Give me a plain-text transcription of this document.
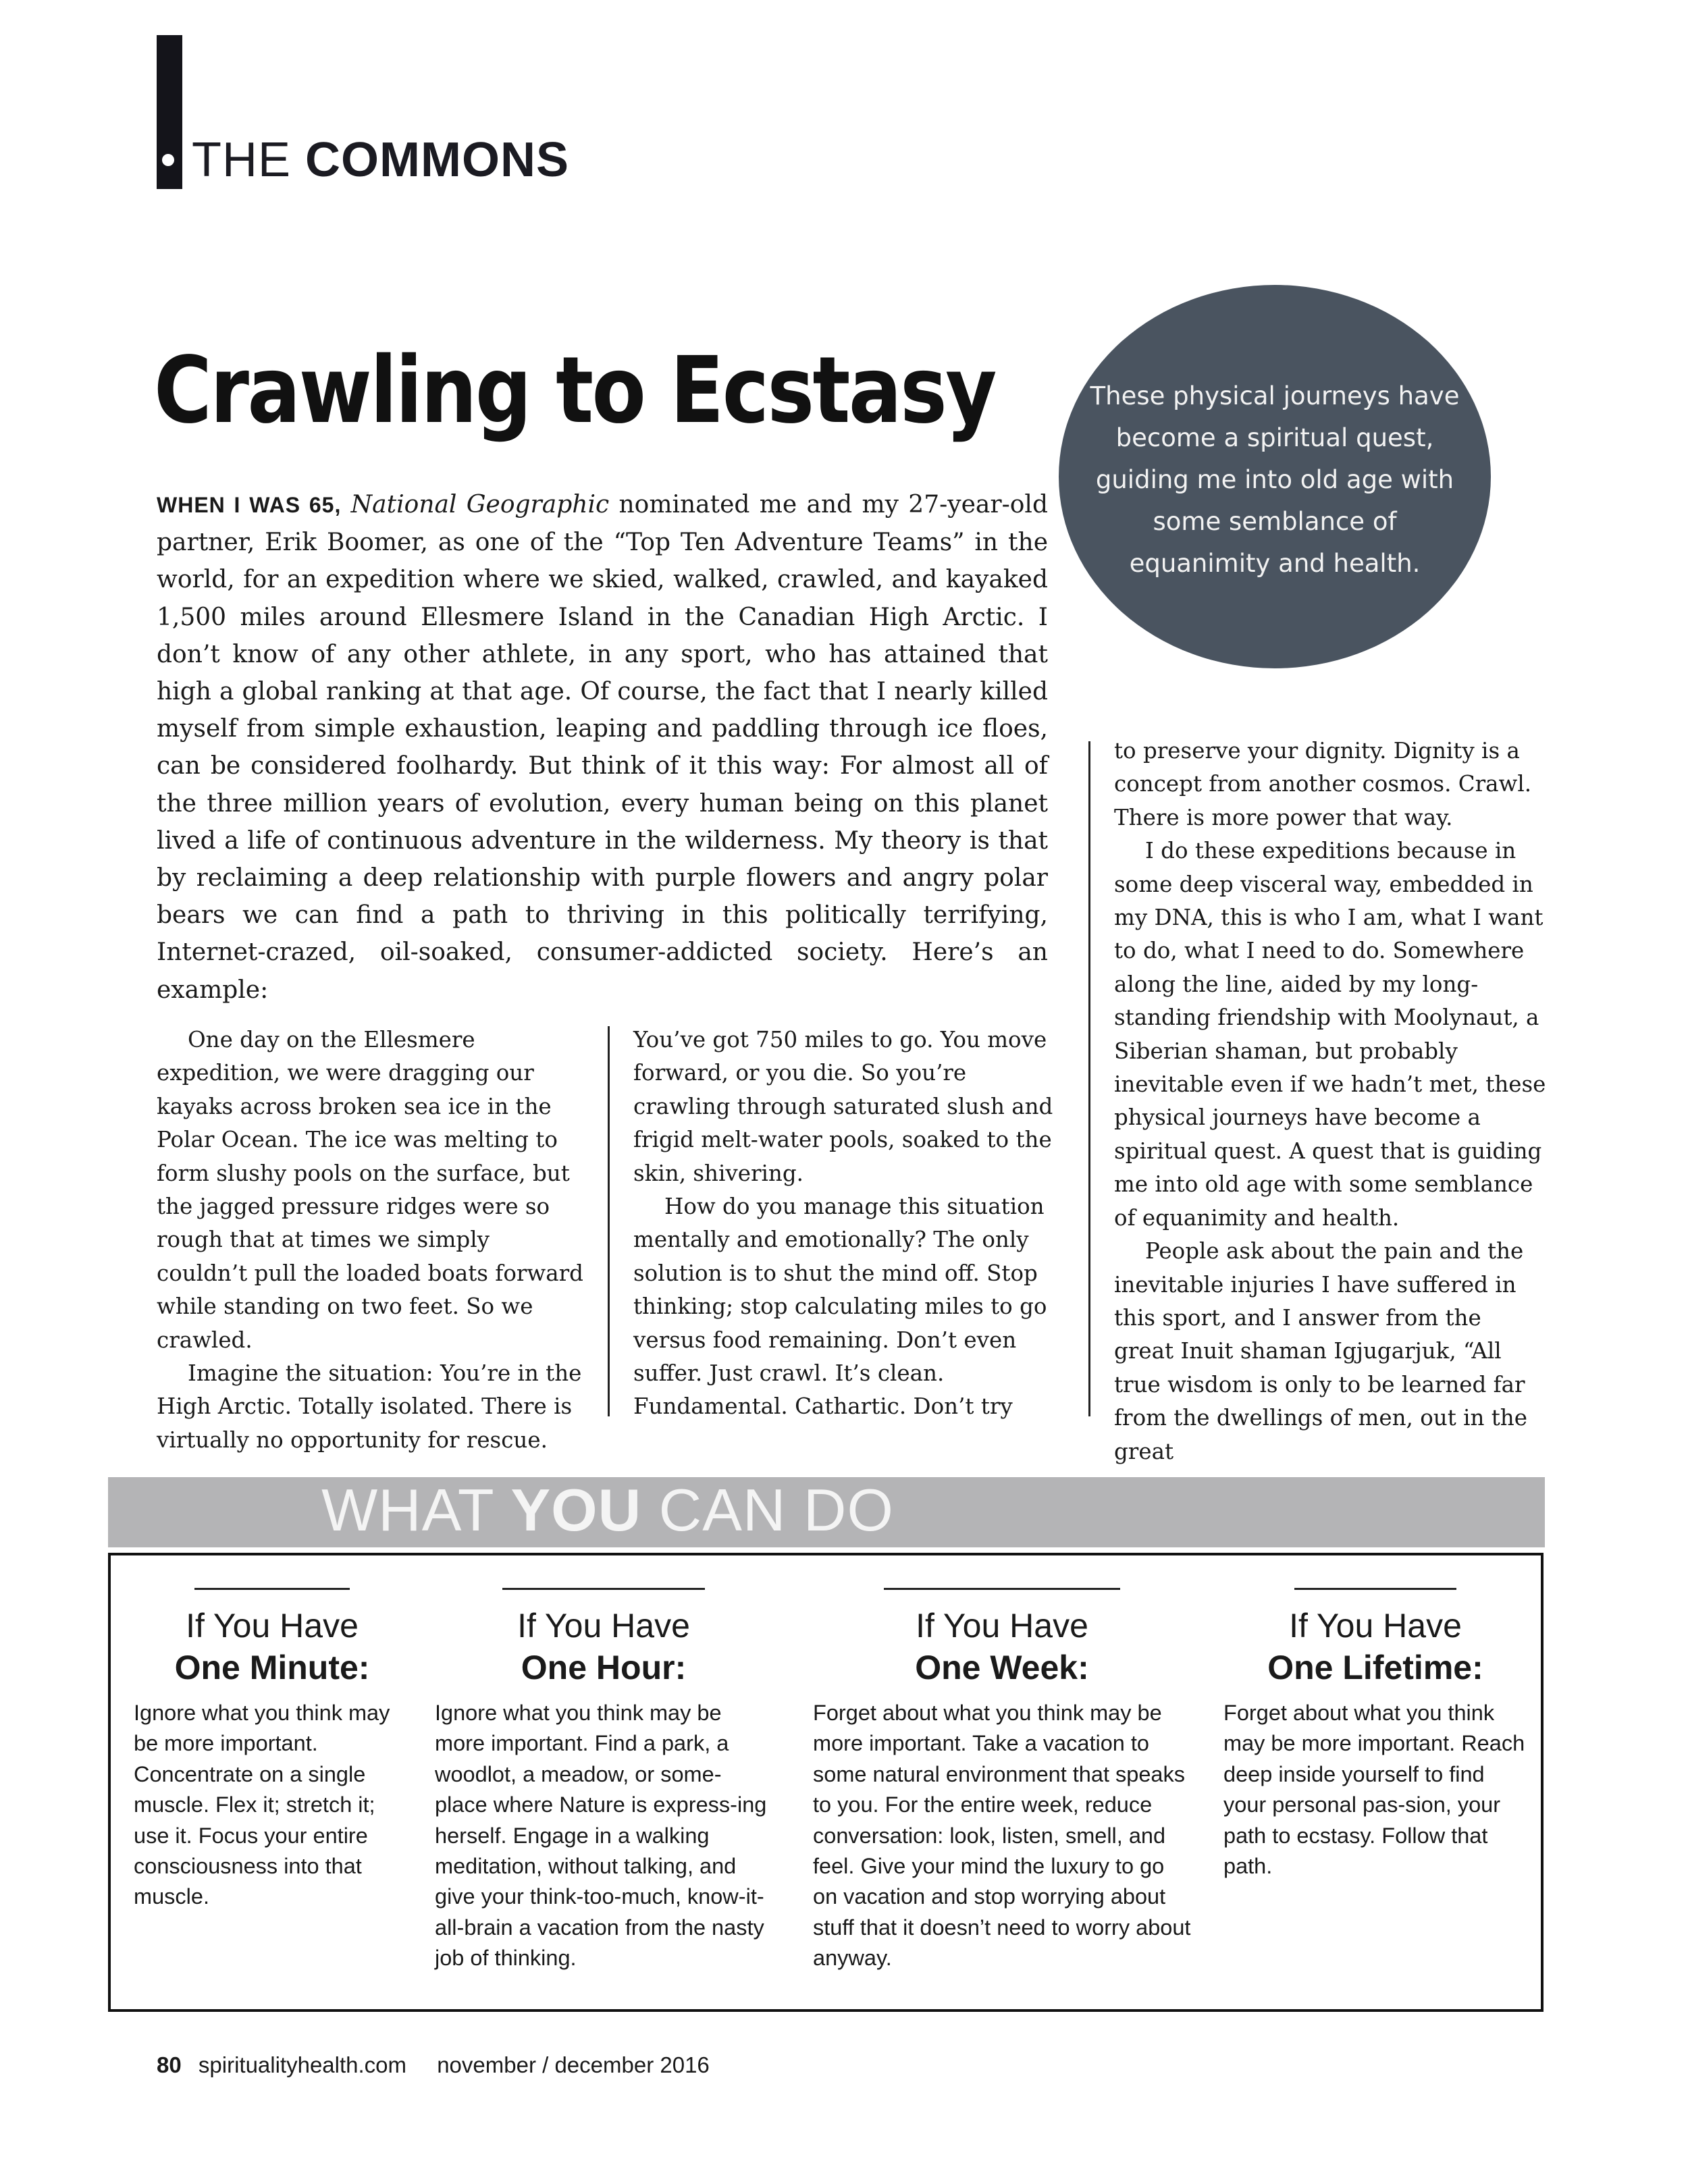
THE COMMONS
Crawling to Ecstasy	These physical journeys have become a spiritual quest, guiding me into old age with some semblance of equanimity and health.
WHEN I WAS 65, National Geographic nominated me and my 27-year-old partner, Erik Boomer, as one of the “Top Ten Adventure Teams” in the world, for an expedition where we skied, walked, crawled, and kayaked 1,500 miles around Ellesmere Island in the Canadian High Arctic. I don’t know of any other athlete, in any sport, who has attained that high a global ranking at that age. Of course, the fact that I nearly killed myself from simple exhaustion, leaping and paddling through ice floes, can be considered foolhardy. But think of it this way: For almost all of the three million years of evolution, every human being on this planet lived a life of continuous adventure in the wilderness. My theory is that by reclaiming a deep relationship with purple flowers and angry polar bears we can find a path to thriving in this politically terrifying, Internet-crazed, oil-soaked, consumer-addicted society. Here’s an example:

One day on the Ellesmere expedition, we were dragging our kayaks across broken sea ice in the Polar Ocean. The ice was melting to form slushy pools on the surface, but the jagged pressure ridges were so rough that at times we simply couldn’t pull the loaded boats forward while standing on two feet. So we crawled.

Imagine the situation: You’re in the High Arctic. Totally isolated. There is virtually no opportunity for rescue.

You’ve got 750 miles to go. You move forward, or you die. So you’re crawling through saturated slush and frigid melt-water pools, soaked to the skin, shivering.

How do you manage this situation mentally and emotionally? The only solution is to shut the mind off. Stop thinking; stop calculating miles to go versus food remaining. Don’t even suffer. Just crawl. It’s clean. Fundamental. Cathartic. Don’t try

to preserve your dignity. Dignity is a concept from another cosmos. Crawl. There is more power that way.

I do these expeditions because in some deep visceral way, embedded in my DNA, this is who I am, what I want to do, what I need to do. Somewhere along the line, aided by my long-standing friendship with Moolynaut, a Siberian shaman, but probably inevitable even if we hadn’t met, these physical journeys have become a spiritual quest. A quest that is guiding me into old age with some semblance of equanimity and health.

People ask about the pain and the inevitable injuries I have suffered in this sport, and I answer from the great Inuit shaman Igjugarjuk, “All true wisdom is only to be learned far from the dwellings of men, out in the great

WHAT YOU CAN DO
If You Have
One Minute:
Ignore what you think may be more important. Concentrate on a single muscle. Flex it; stretch it; use it. Focus your entire consciousness into that muscle.
If You Have
One Hour:
Ignore what you think may be more important. Find a park, a woodlot, a meadow, or some-place where Nature is express-ing herself. Engage in a walking meditation, without talking, and give your think-too-much, know-it-all-brain a vacation from the nasty job of thinking.
If You Have
One Week:
Forget about what you think may be more important. Take a vacation to some natural environment that speaks to you. For the entire week, reduce conversation: look, listen, smell, and feel. Give your mind the luxury to go on vacation and stop worrying about stuff that it doesn’t need to worry about anyway.
If You Have
One Lifetime:
Forget about what you think may be more important. Reach deep inside yourself to find your personal pas-sion, your path to ecstasy. Follow that path.
80 spiritualityhealth.com november / december 2016
